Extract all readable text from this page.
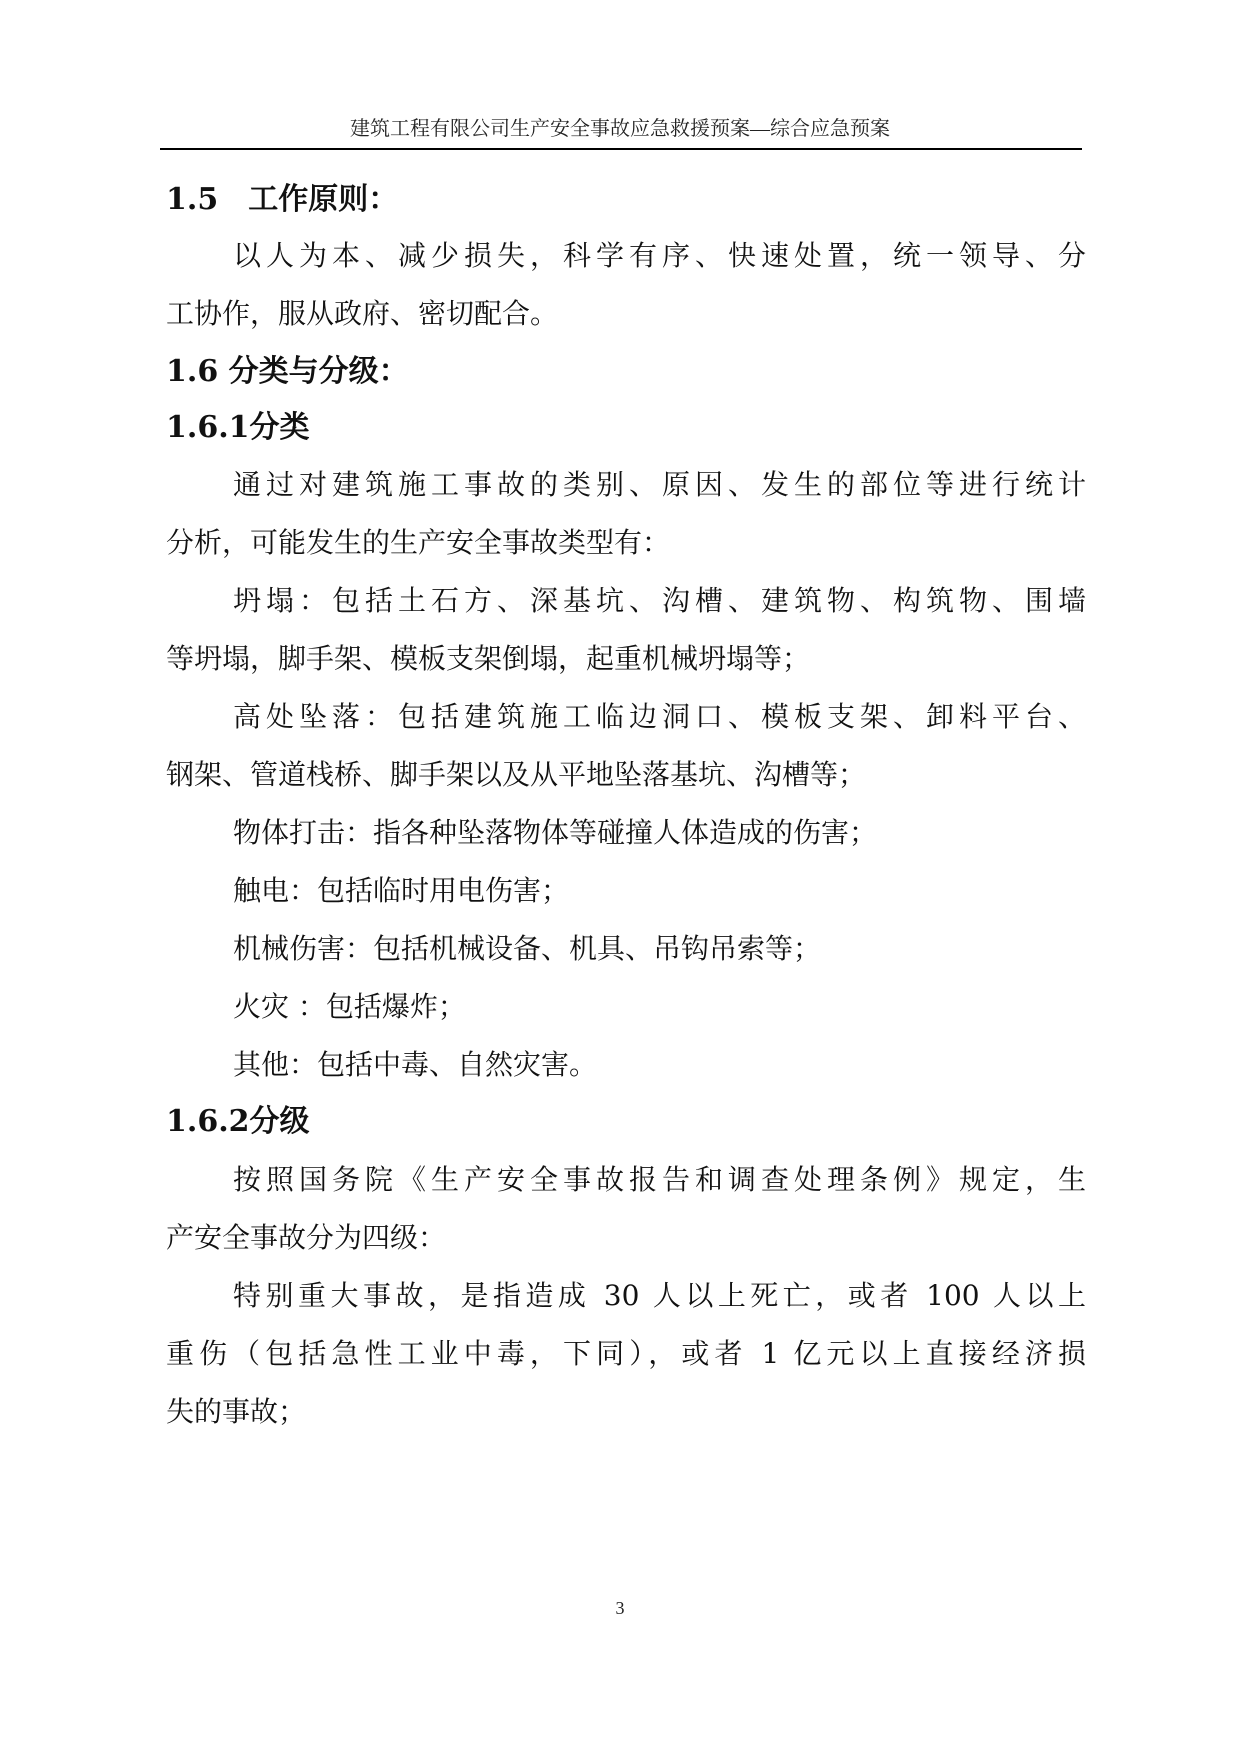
建筑工程有限公司生产安全事故应急救援预案—综合应急预案
1.5　工作原则：
以人为本、减少损失，科学有序、快速处置，统一领导、分
工协作，服从政府、密切配合。
1.6 分类与分级：
1.6.1分类
通过对建筑施工事故的类别、原因、发生的部位等进行统计
分析，可能发生的生产安全事故类型有：
坍塌：包括土石方、深基坑、沟槽、建筑物、构筑物、围墙
等坍塌，脚手架、模板支架倒塌，起重机械坍塌等；
高处坠落：包括建筑施工临边洞口、模板支架、卸料平台、
钢架、管道栈桥、脚手架以及从平地坠落基坑、沟槽等；
物体打击：指各种坠落物体等碰撞人体造成的伤害；
触电：包括临时用电伤害；
机械伤害：包括机械设备、机具、吊钩吊索等；
火灾 ：包括爆炸；
其他：包括中毒、自然灾害。
1.6.2分级
按照国务院《生产安全事故报告和调查处理条例》规定，生
产安全事故分为四级：
特别重大事故，是指造成 30 人以上死亡，或者 100 人以上
重伤（包括急性工业中毒，下同），或者 1 亿元以上直接经济损
失的事故；
3
